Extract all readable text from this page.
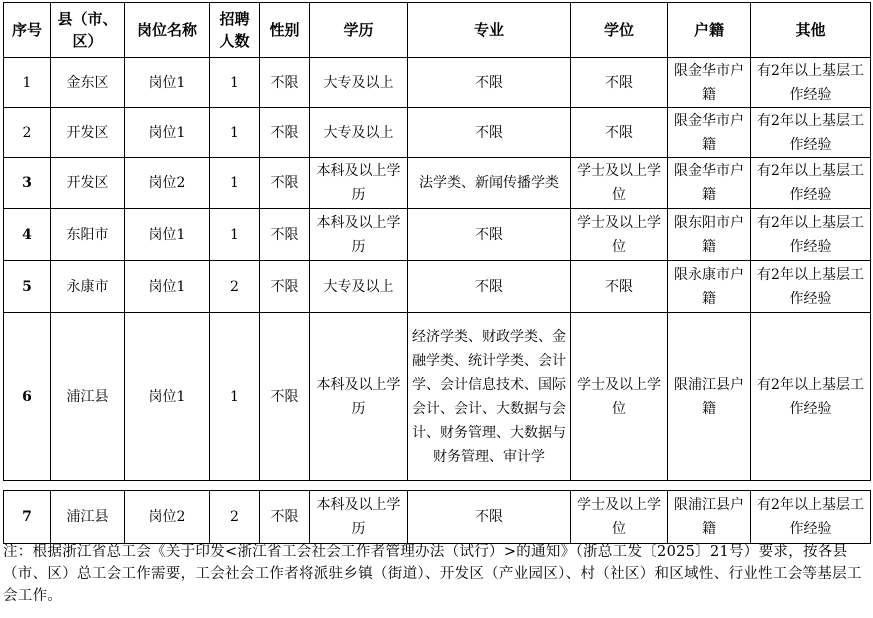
序号	县（市、区）	岗位名称	招聘人数	性别	学历	专业	学位	户籍	其他
1	金东区	岗位1	1	不限	大专及以上	不限	不限	限金华市户籍	有2年以上基层工作经验
2	开发区	岗位1	1	不限	大专及以上	不限	不限	限金华市户籍	有2年以上基层工作经验
3	开发区	岗位2	1	不限	本科及以上学历	法学类、新闻传播学类	学士及以上学位	限金华市户籍	有2年以上基层工作经验
4	东阳市	岗位1	1	不限	本科及以上学历	不限	学士及以上学位	限东阳市户籍	有2年以上基层工作经验
5	永康市	岗位1	2	不限	大专及以上	不限	不限	限永康市户籍	有2年以上基层工作经验
6	浦江县	岗位1	1	不限	本科及以上学历	经济学类、财政学类、金融学类、统计学类、会计学、会计信息技术、国际会计、会计、大数据与会计、财务管理、大数据与财务管理、审计学	学士及以上学位	限浦江县户籍	有2年以上基层工作经验
7	浦江县	岗位2	2	不限	本科及以上学历	不限	学士及以上学位	限浦江县户籍	有2年以上基层工作经验
注：根据浙江省总工会《关于印发<浙江省工会社会工作者管理办法（试行）>的通知》（浙总工发〔2025〕21号）要求，按各县（市、区）总工会工作需要，工会社会工作者将派驻乡镇（街道）、开发区（产业园区）、村（社区）和区域性、行业性工会等基层工会工作。
